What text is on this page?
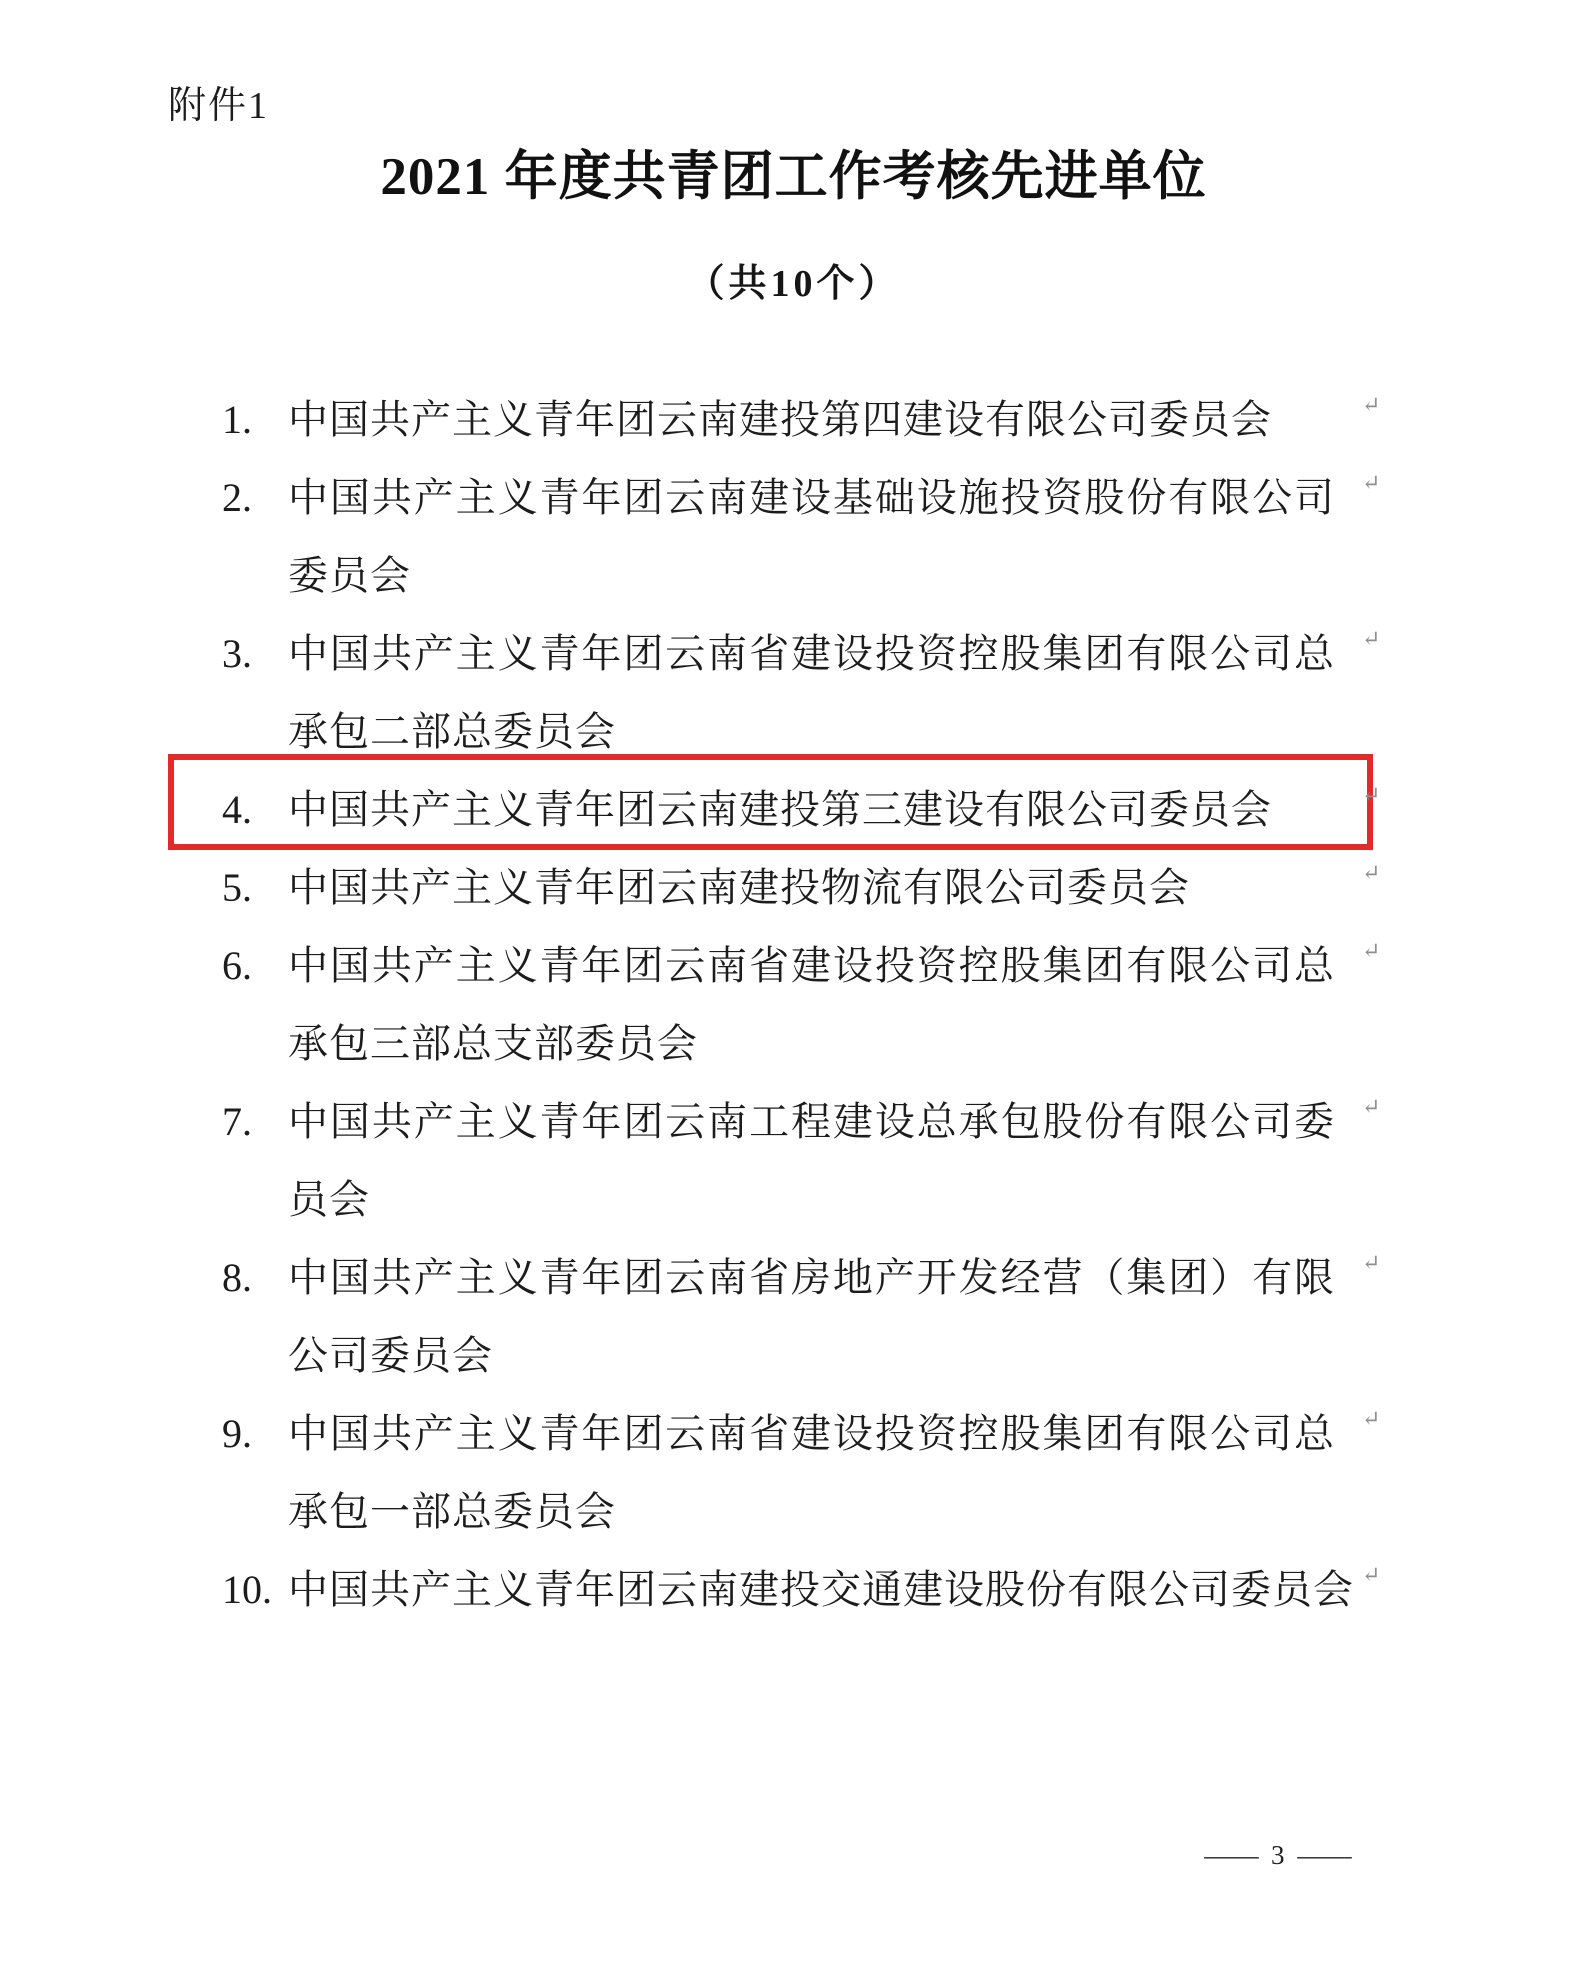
附件1
2021 年度共青团工作考核先进单位
（共10个）
1. 中国共产主义青年团云南建投第四建设有限公司委员会	↵
2. 中国共产主义青年团云南建设基础设施投资股份有限公司 ↵
委员会
3. 中国共产主义青年团云南省建设投资控股集团有限公司总 ↵
承包二部总委员会
4. 中国共产主义青年团云南建投第三建设有限公司委员会	↵
5. 中国共产主义青年团云南建投物流有限公司委员会	↵
6. 中国共产主义青年团云南省建设投资控股集团有限公司总 ↵
承包三部总支部委员会
7. 中国共产主义青年团云南工程建设总承包股份有限公司委 ↵
员会
8. 中国共产主义青年团云南省房地产开发经营（集团）有限 ↵
公司委员会
9. 中国共产主义青年团云南省建设投资控股集团有限公司总 ↵
承包一部总委员会
10. 中国共产主义青年团云南建投交通建设股份有限公司委员会 ↵
— 3 —
